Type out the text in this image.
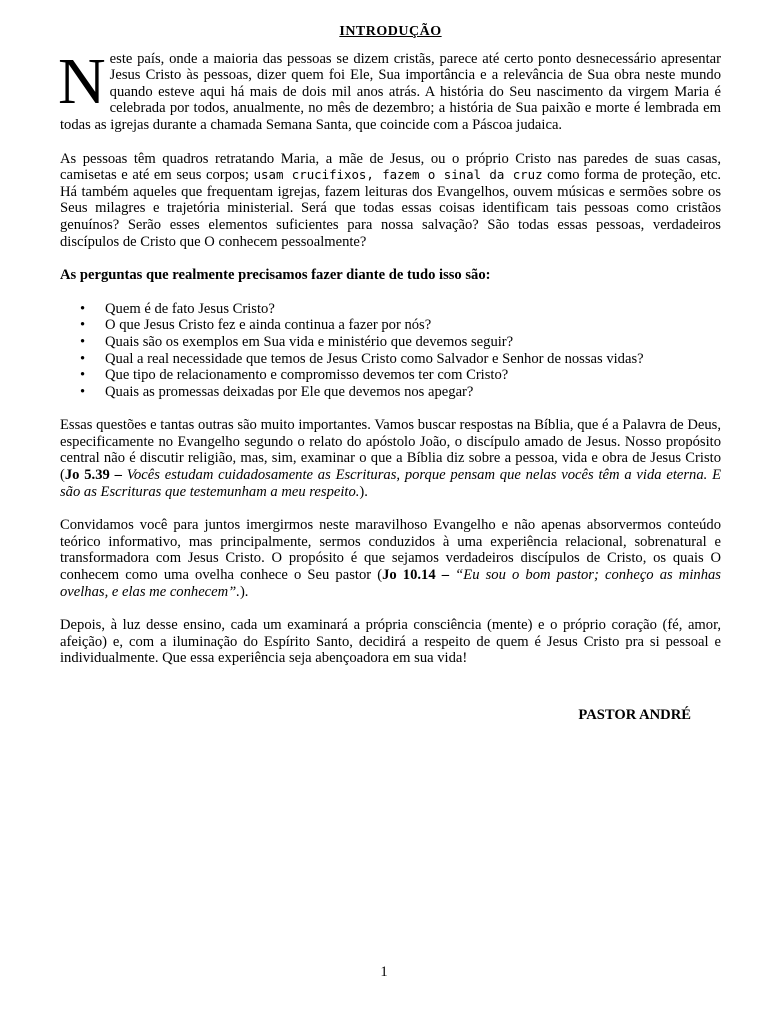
INTRODUÇÃO

Neste país, onde a maioria das pessoas se dizem cristãs, parece até certo ponto desnecessário apresentar Jesus Cristo às pessoas, dizer quem foi Ele, Sua importância e a relevância de Sua obra neste mundo quando esteve aqui há mais de dois mil anos atrás. A história do Seu nascimento da virgem Maria é celebrada por todos, anualmente, no mês de dezembro; a história de Sua paixão e morte é lembrada em todas as igrejas durante a chamada Semana Santa, que coincide com a Páscoa judaica.

As pessoas têm quadros retratando Maria, a mãe de Jesus, ou o próprio Cristo nas paredes de suas casas, camisetas e até em seus corpos; usam crucifixos, fazem o sinal da cruz como forma de proteção, etc. Há também aqueles que frequentam igrejas, fazem leituras dos Evangelhos, ouvem músicas e sermões sobre os Seus milagres e trajetória ministerial. Será que todas essas coisas identificam tais pessoas como cristãos genuínos? Serão esses elementos suficientes para nossa salvação? São todas essas pessoas, verdadeiros discípulos de Cristo que O conhecem pessoalmente?

As perguntas que realmente precisamos fazer diante de tudo isso são:

• Quem é de fato Jesus Cristo?
• O que Jesus Cristo fez e ainda continua a fazer por nós?
• Quais são os exemplos em Sua vida e ministério que devemos seguir?
• Qual a real necessidade que temos de Jesus Cristo como Salvador e Senhor de nossas vidas?
• Que tipo de relacionamento e compromisso devemos ter com Cristo?
• Quais as promessas deixadas por Ele que devemos nos apegar?

Essas questões e tantas outras são muito importantes. Vamos buscar respostas na Bíblia, que é a Palavra de Deus, especificamente no Evangelho segundo o relato do apóstolo João, o discípulo amado de Jesus. Nosso propósito central não é discutir religião, mas, sim, examinar o que a Bíblia diz sobre a pessoa, vida e obra de Jesus Cristo (Jo 5.39 – Vocês estudam cuidadosamente as Escrituras, porque pensam que nelas vocês têm a vida eterna. E são as Escrituras que testemunham a meu respeito.).

Convidamos você para juntos imergirmos neste maravilhoso Evangelho e não apenas absorvermos conteúdo teórico informativo, mas principalmente, sermos conduzidos à uma experiência relacional, sobrenatural e transformadora com Jesus Cristo. O propósito é que sejamos verdadeiros discípulos de Cristo, os quais O conhecem como uma ovelha conhece o Seu pastor (Jo 10.14 – “Eu sou o bom pastor; conheço as minhas ovelhas, e elas me conhecem”.).

Depois, à luz desse ensino, cada um examinará a própria consciência (mente) e o próprio coração (fé, amor, afeição) e, com a iluminação do Espírito Santo, decidirá a respeito de quem é Jesus Cristo pra si pessoal e individualmente. Que essa experiência seja abençoadora em sua vida!

PASTOR ANDRÉ

1
